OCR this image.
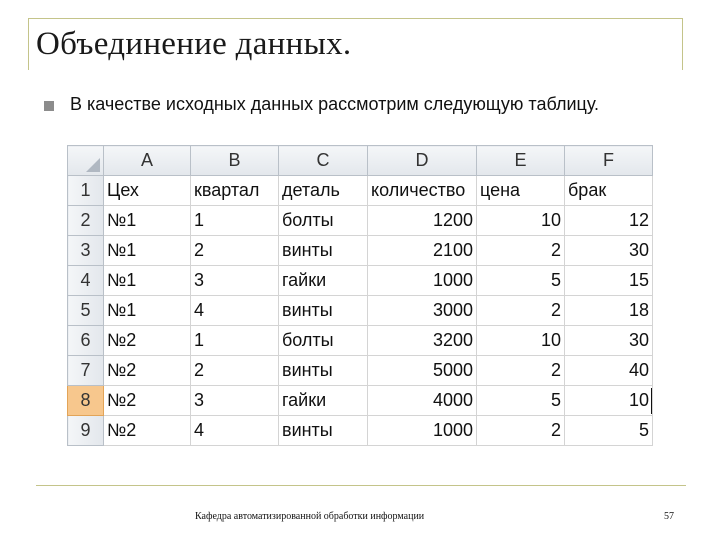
Объединение данных.
В качестве исходных данных рассмотрим следующую таблицу.
	A	B	C	D	E	F
1	Цех	квартал	деталь	количество	цена	брак
2	№1	1	болты	1200	10	12
3	№1	2	винты	2100	2	30
4	№1	3	гайки	1000	5	15
5	№1	4	винты	3000	2	18
6	№2	1	болты	3200	10	30
7	№2	2	винты	5000	2	40
8	№2	3	гайки	4000	5	10

9	№2	4	винты	1000	2	5
Кафедра автоматизированной обработки информации	57
